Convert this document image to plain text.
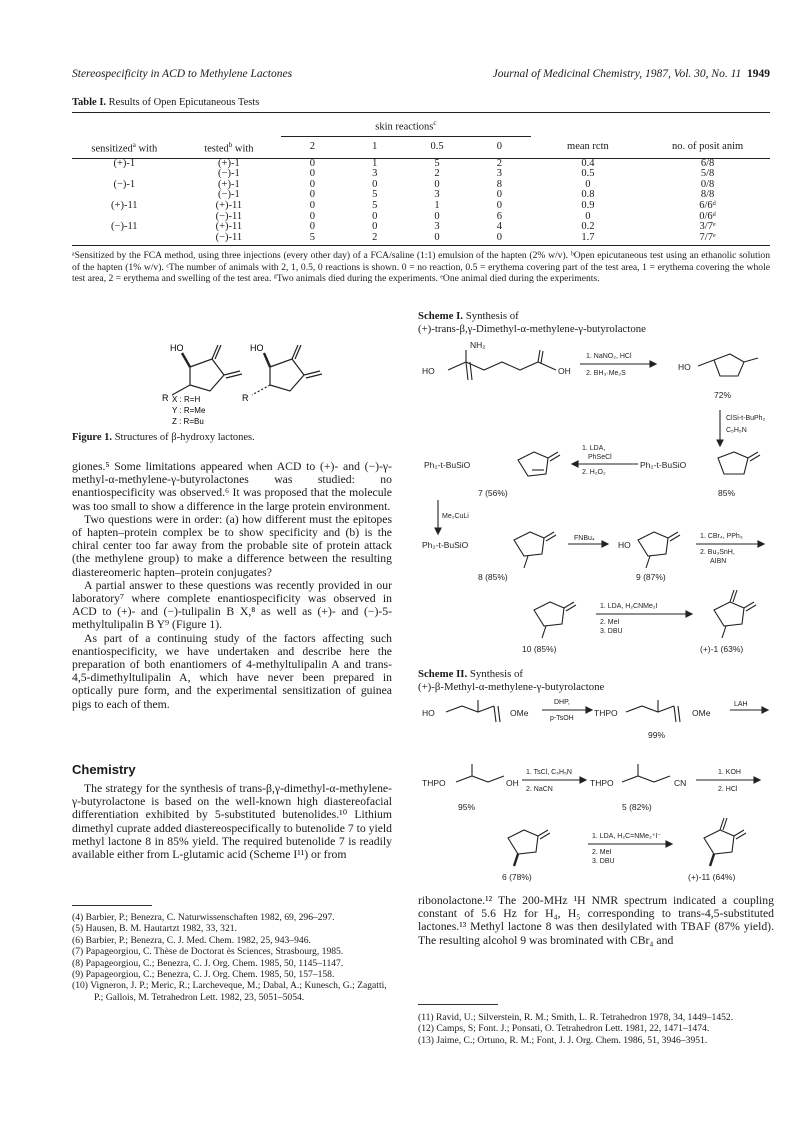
Stereospecificity in ACD to Methylene Lactones	Journal of Medicinal Chemistry, 1987, Vol. 30, No. 11 1949
Table I. Results of Open Epicutaneous Tests
		skin reactions$^c$		
sensitized$^a$ with	tested$^b$ with	2	1	0.5	0	mean rctn	no. of posit anim
(+)-1	(+)-1	0	1	5	2	0.4	6/8
	(−)-1	0	3	2	3	0.5	5/8
(−)-1	(+)-1	0	0	0	8	0	0/8
	(−)-1	0	5	3	0	0.8	8/8
(+)-11	(+)-11	0	5	1	0	0.9	6/6ᵈ
	(−)-11	0	0	0	6	0	0/6ᵈ
(−)-11	(+)-11	0	0	3	4	0.2	3/7ᵉ
	(−)-11	5	2	0	0	1.7	7/7ᵉ
ᵃSensitized by the FCA method, using three injections (every other day) of a FCA/saline (1:1) emulsion of the hapten (2% w/v). ᵇOpen epicutaneous test using an ethanolic solution of the hapten (1% w/v). ᶜThe number of animals with 2, 1, 0.5, 0 reactions is shown. 0 = no reaction, 0.5 = erythema covering part of the test area, 1 = erythema covering the whole test area, 2 = erythema and swelling of the test area. ᵈTwo animals died during the experiments. ᵉOne animal died during the experiments.
HO	HO
R	R
X : R=H
Y : R=Me
Z : R=Bu
Figure 1. Structures of β-hydroxy lactones.

giones.⁵ Some limitations appeared when ACD to (+)- and (−)-γ-methyl-α-methylene-γ-butyrolactones was studied: no enantiospecificity was observed.⁶ It was proposed that the molecule was too small to show a difference in the large protein environment.

Two questions were in order: (a) how different must the epitopes of hapten–protein complex be to show specificity and (b) is the chiral center too far away from the probable site of protein attack (the methylene group) to make a difference between the resulting diastereomeric hapten–protein conjugates?

A partial answer to these questions was recently provided in our laboratory⁷ where complete enantiospecificity was observed in ACD to (+)- and (−)-tulipalin B X,⁸ as well as (+)- and (−)-5-methyltulipalin B Y⁹ (Figure 1).

As part of a continuing study of the factors affecting such enantiospecificity, we have undertaken and describe here the preparation of both enantiomers of 4-methyltulipalin A and trans-4,5-dimethyltulipalin A, which have never been prepared in optically pure form, and the experimental sensitization of guinea pigs to each of them.

Chemistry

The strategy for the synthesis of trans-β,γ-dimethyl-α-methylene-γ-butyrolactone is based on the well-known high diastereofacial differentiation exhibited by 5-substituted butenolides.¹⁰ Lithium dimethyl cuprate added diastereospecifically to butenolide 7 to yield methyl lactone 8 in 85% yield. The required butenolide 7 is readily available either from L-glutamic acid (Scheme I¹¹) or from

(4) Barbier, P.; Benezra, C. Naturwissenschaften 1982, 69, 296–297.
(5) Hausen, B. M. Hautartzt 1982, 33, 321.
(6) Barbier, P.; Benezra, C. J. Med. Chem. 1982, 25, 943–946.
(7) Papageorgiou, C. Thèse de Doctorat ès Sciences, Strasbourg, 1985.
(8) Papageorgiou, C.; Benezra, C. J. Org. Chem. 1985, 50, 1145–1147.
(9) Papageorgiou, C.; Benezra, C. J. Org. Chem. 1985, 50, 157–158.
(10) Vigneron, J. P.; Meric, R.; Larcheveque, M.; Dabal, A.; Kunesch, G.; Zagatti, P.; Gallois, M. Tetrahedron Lett. 1982, 23, 5051–5054.
Scheme I. Synthesis of
(+)-trans-β,γ-Dimethyl-α-methylene-γ-butyrolactone
NH₂
HO	OH
1. NaNO₂, HCl
2. BH₃·Me₂S
HO
72%
ClSi-t-BuPh₂
C₅H₅N
Ph₂-t-BuSiO
1. LDA,
PhSeCl
2. H₂O₂
Ph₂-t-BuSiO
7 (56%)	85%
Me₂CuLi
Ph₂-t-BuSiO
FNBu₄
HO
1. CBr₄, PPh₃
2. Bu₃SnH,
AIBN
8 (85%)	9 (87%)
1. LDA, H₂CNMe₂I
2. MeI
3. DBU
10 (85%)	(+)-1 (63%)
Scheme II. Synthesis of
(+)-β-Methyl-α-methylene-γ-butyrolactone
HO	OMe
DHP,
p-TsOH
THPO	OMe
LAH
99%
THPO	OH
1. TsCl, C₅H₅N
2. NaCN
THPO	CN
1. KOH
2. HCl
95%	5 (82%)
1. LDA, H₂C=NMe₂⁺I⁻
2. MeI
3. DBU
6 (78%)	(+)-11 (64%)
ribonolactone.¹² The 200-MHz ¹H NMR spectrum indicated a coupling constant of 5.6 Hz for H₄, H₅ corresponding to trans-4,5-substituted lactones.¹³ Methyl lactone 8 was then desilylated with TBAF (87% yield). The resulting alcohol 9 was brominated with CBr₄ and
(11) Ravid, U.; Silverstein, R. M.; Smith, L. R. Tetrahedron 1978, 34, 1449–1452.
(12) Camps, S; Font. J.; Ponsati, O. Tetrahedron Lett. 1981, 22, 1471–1474.
(13) Jaime, C.; Ortuno, R. M.; Font, J. J. Org. Chem. 1986, 51, 3946–3951.
